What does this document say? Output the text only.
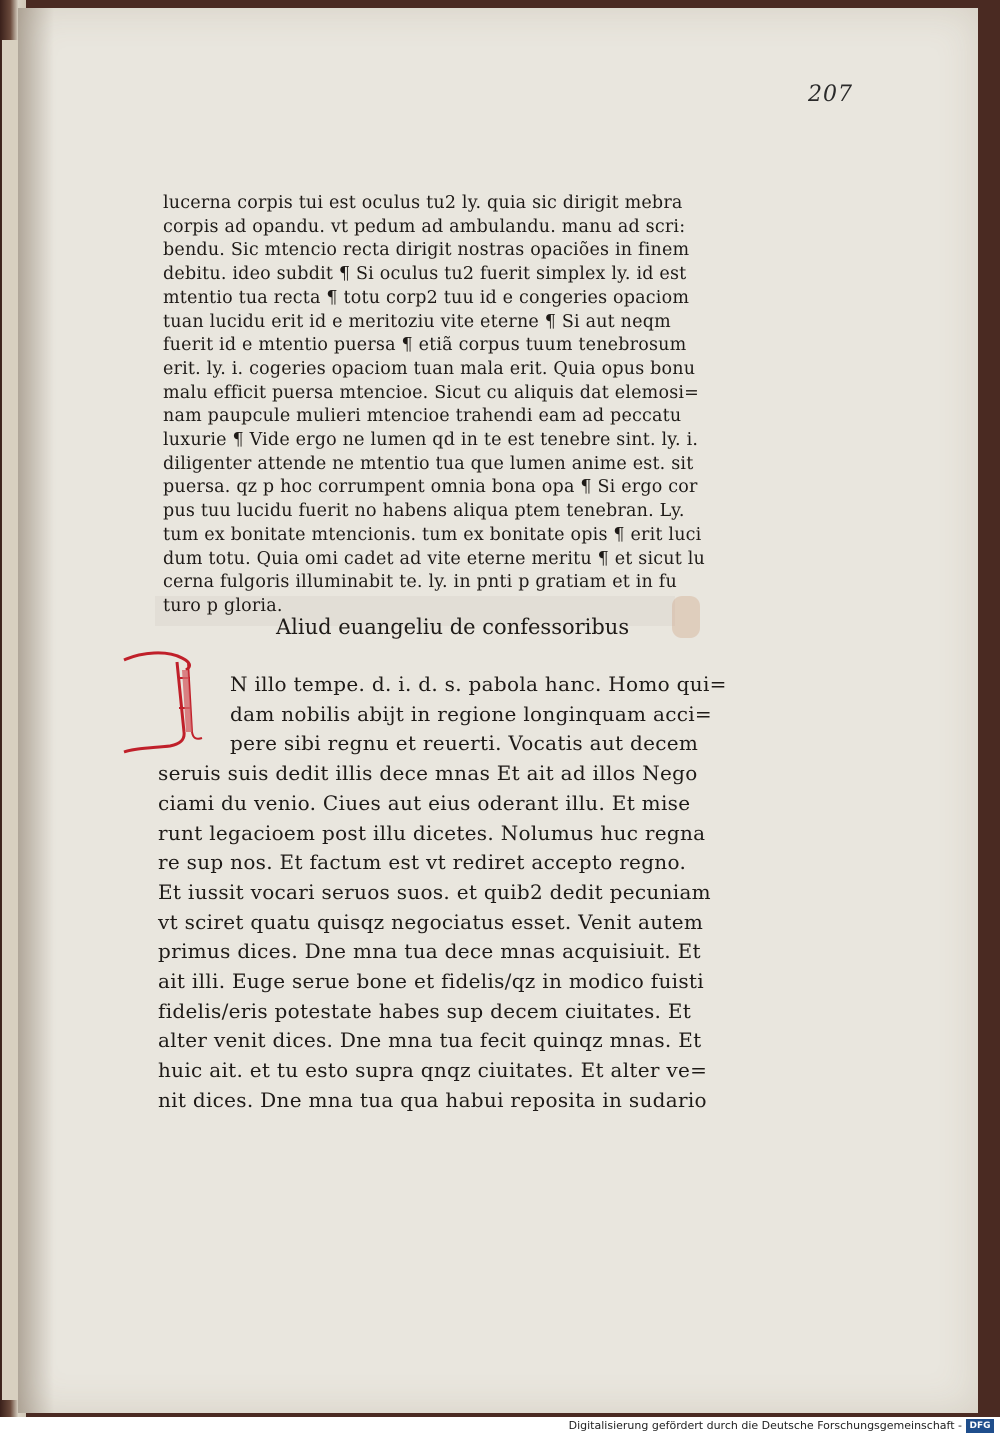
207
lucerna corpis tui est oculus tu2 ly. quia sic dirigit mebra
corpis ad opandu. vt pedum ad ambulandu. manu ad scri:
bendu. Sic mtencio recta dirigit nostras opaciões in finem
debitu. ideo subdit ¶ Si oculus tu2 fuerit simplex ly. id est
mtentio tua recta ¶ totu corp2 tuu id e congeries opaciom
tuan lucidu erit id e meritoziu vite eterne ¶ Si aut neqm
fuerit id e mtentio puersa ¶ etiã corpus tuum tenebrosum
erit. ly. i. cogeries opaciom tuan mala erit. Quia opus bonu
malu efficit puersa mtencioe. Sicut cu aliquis dat elemosi=
nam paupcule mulieri mtencioe trahendi eam ad peccatu
luxurie ¶ Vide ergo ne lumen qd in te est tenebre sint. ly. i.
diligenter attende ne mtentio tua que lumen anime est. sit
puersa. qz p hoc corrumpent omnia bona opa ¶ Si ergo cor
pus tuu lucidu fuerit no habens aliqua ptem tenebran. Ly.
tum ex bonitate mtencionis. tum ex bonitate opis ¶ erit luci
dum totu. Quia omi cadet ad vite eterne meritu ¶ et sicut lu
cerna fulgoris illuminabit te. ly. in pnti p gratiam et in fu
turo p gloria.
Aliud euangeliu de confessoribus
N illo tempe. d. i. d. s. pabola hanc. Homo qui=
dam nobilis abijt in regione longinquam acci=
pere sibi regnu et reuerti. Vocatis aut decem
seruis suis dedit illis dece mnas Et ait ad illos Nego
ciami du venio. Ciues aut eius oderant illu. Et mise
runt legacioem post illu dicetes. Nolumus huc regna
re sup nos. Et factum est vt rediret accepto regno.
Et iussit vocari seruos suos. et quib2 dedit pecuniam
vt sciret quatu quisqz negociatus esset. Venit autem
primus dices. Dne mna tua dece mnas acquisiuit. Et
ait illi. Euge serue bone et fidelis/qz in modico fuisti
fidelis/eris potestate habes sup decem ciuitates. Et
alter venit dices. Dne mna tua fecit quinqz mnas. Et
huic ait. et tu esto supra qnqz ciuitates. Et alter ve=
nit dices. Dne mna tua qua habui reposita in sudario
Digitalisierung gefördert durch die Deutsche Forschungsgemeinschaft - DFG
